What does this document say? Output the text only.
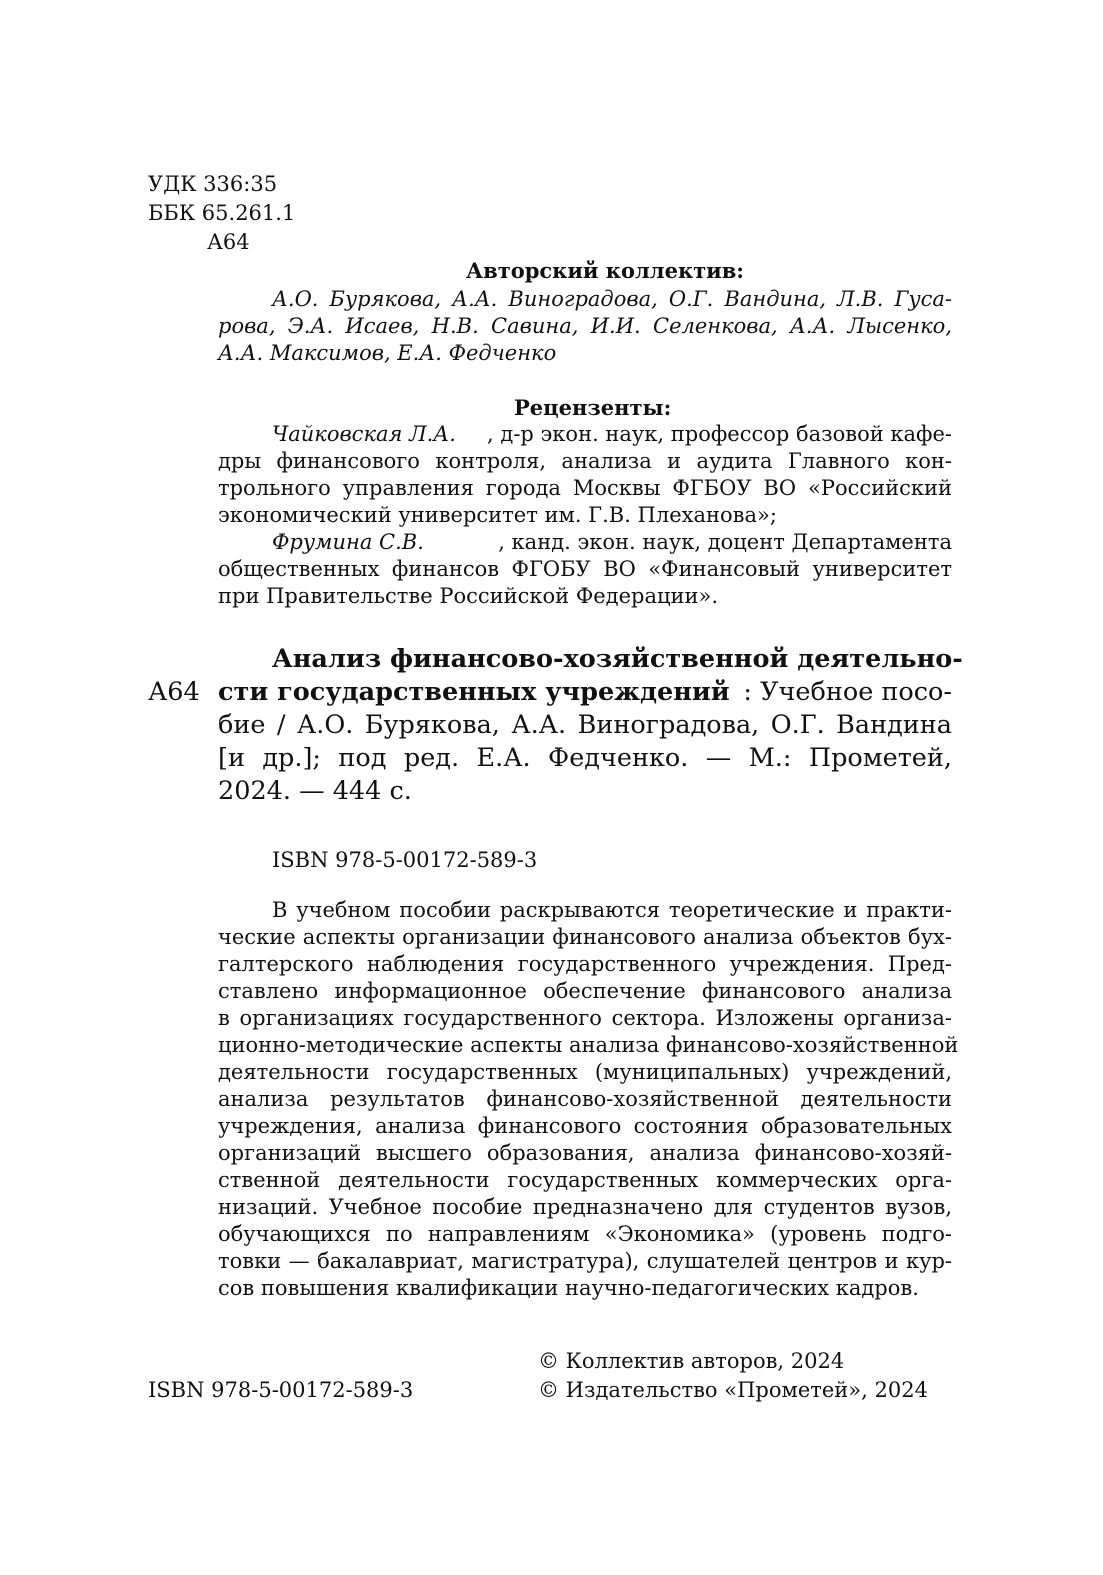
УДК 336:35
ББК 65.261.1
А64
Авторский коллектив:
А.О. Бурякова, А.А. Виноградова, О.Г. Вандина, Л.В. Гуса-
рова, Э.А. Исаев, Н.В. Савина, И.И. Селенкова, А.А. Лысенко,
А.А. Максимов, Е.А. Федченко
Рецензенты:
Чайковская Л.А. , д-р экон. наук, профессор базовой кафе-
дры финансового контроля, анализа и аудита Главного кон-
трольного управления города Москвы ФГБОУ ВО «Российский
экономический университет им. Г.В. Плеханова»;
Фрумина С.В.	, канд. экон. наук, доцент Департамента
общественных финансов ФГОБУ ВО «Финансовый университет
при Правительстве Российской Федерации».
А64
Анализ финансово-хозяйственной деятельно-
сти государственных учреждений : Учебное посо-
бие / А.О. Бурякова, А.А. Виноградова, О.Г. Вандина
[и др.]; под ред. Е.А. Федченко. — М.: Прометей,
2024. — 444 с.
ISBN 978-5-00172-589-3
В учебном пособии раскрываются теоретические и практи-
ческие аспекты организации финансового анализа объектов бух-
галтерского наблюдения государственного учреждения. Пред-
ставлено информационное обеспечение финансового анализа
в организациях государственного сектора. Изложены организа-
ционно-методические аспекты анализа финансово-хозяйственной
деятельности государственных (муниципальных) учреждений,
анализа результатов финансово-хозяйственной деятельности
учреждения, анализа финансового состояния образовательных
организаций высшего образования, анализа финансово-хозяй-
ственной деятельности государственных коммерческих орга-
низаций. Учебное пособие предназначено для студентов вузов,
обучающихся по направлениям «Экономика» (уровень подго-
товки — бакалавриат, магистратура), слушателей центров и кур-
сов повышения квалификации научно-педагогических кадров.
© Коллектив авторов, 2024
ISBN 978-5-00172-589-3	© Издательство «Прометей», 2024
